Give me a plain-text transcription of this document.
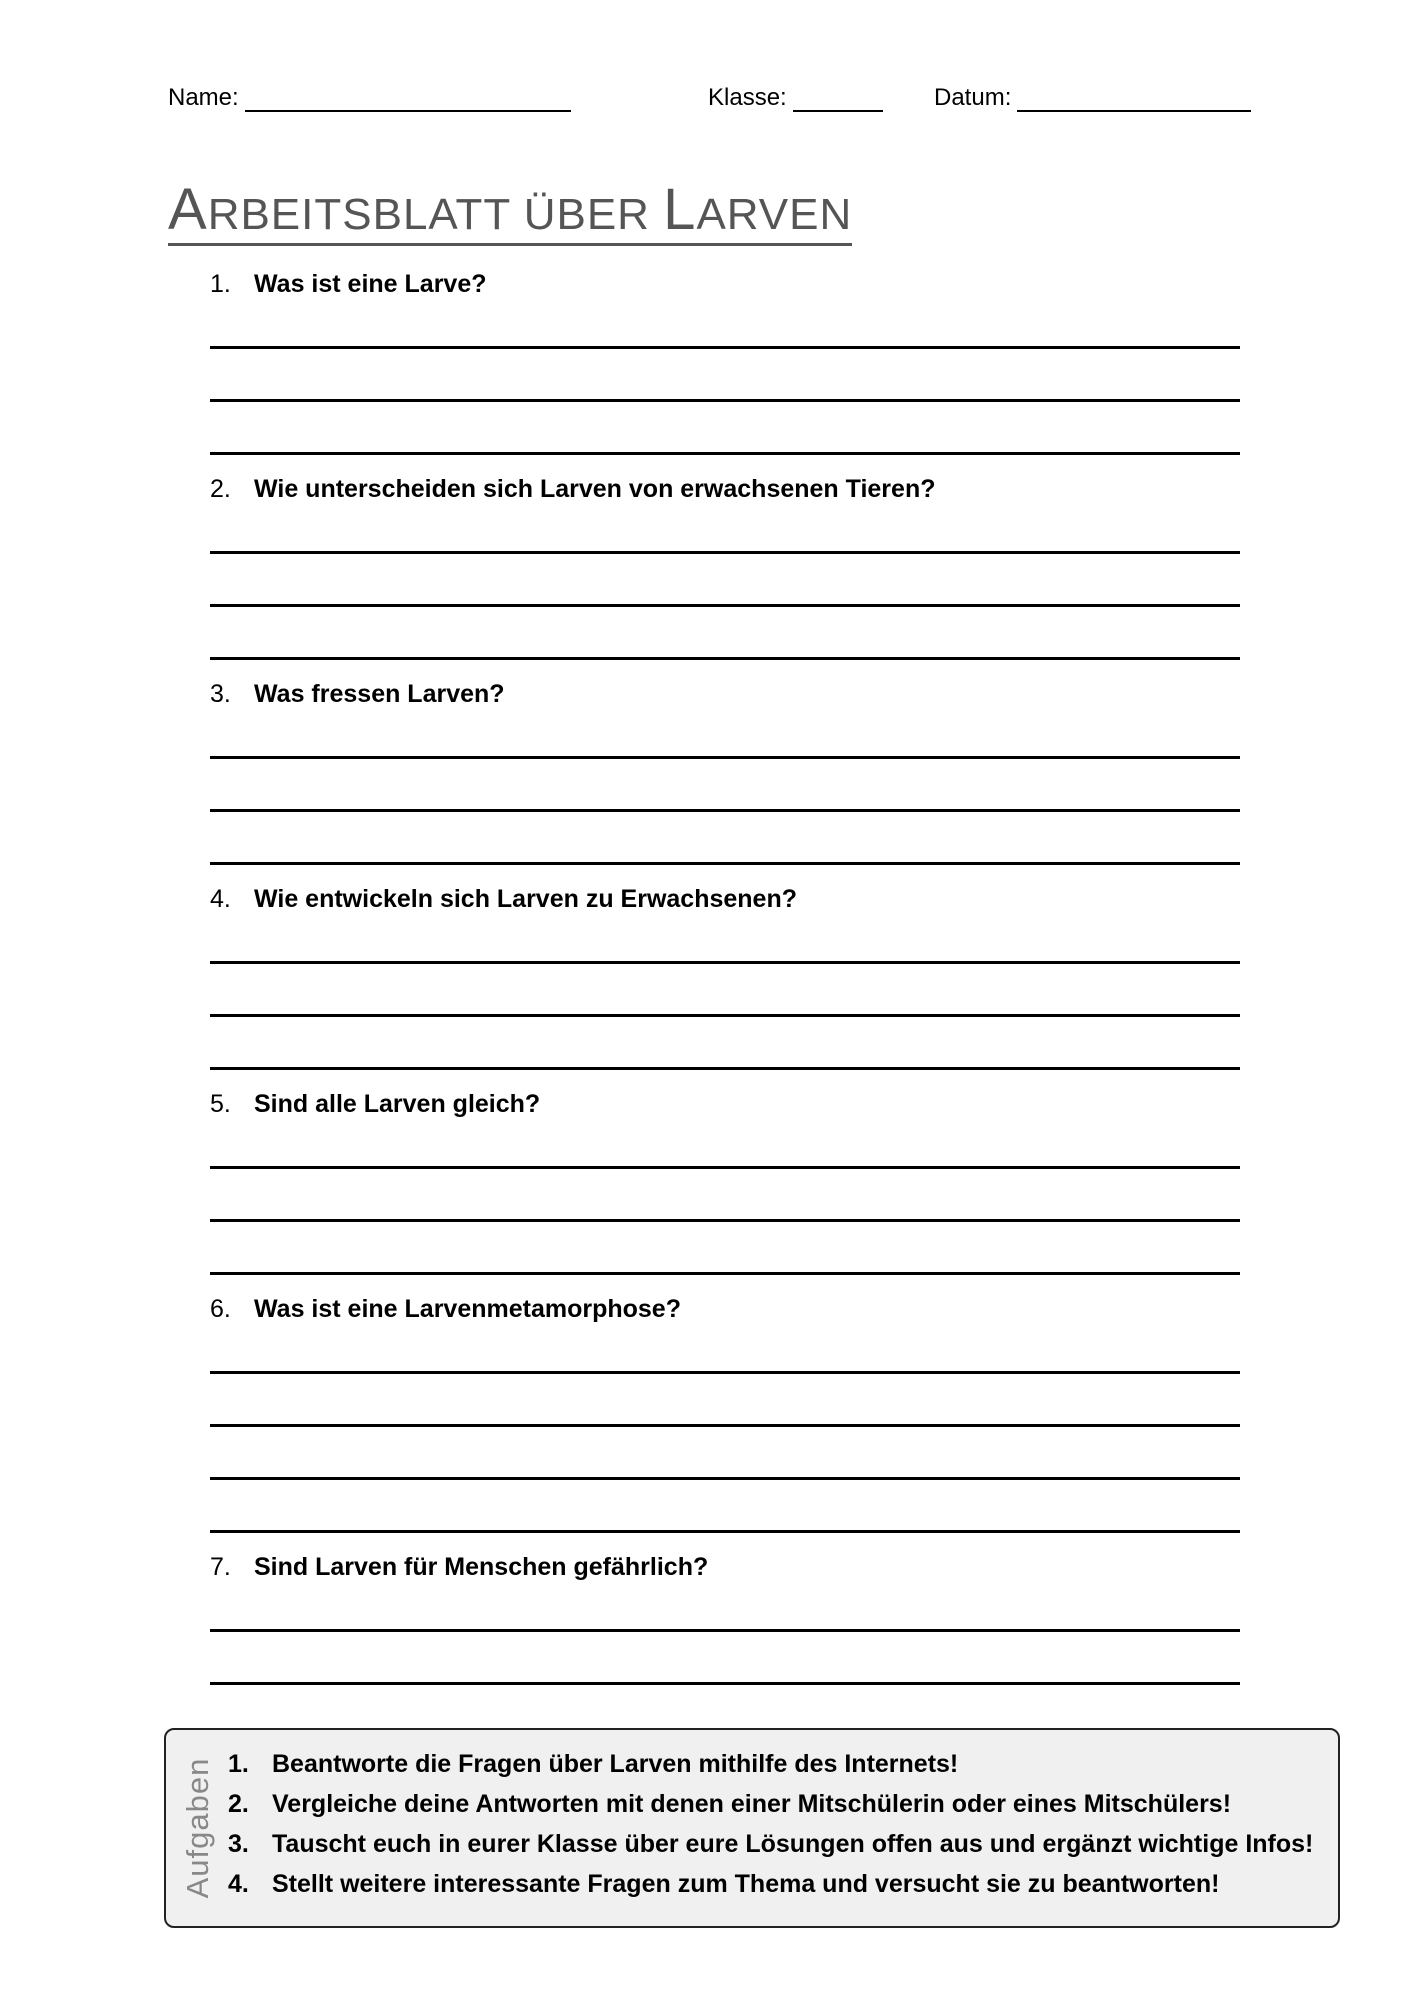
Name:	Klasse:	Datum:
ARBEITSBLATT ÜBER LARVEN
1. Was ist eine Larve?
2. Wie unterscheiden sich Larven von erwachsenen Tieren?
3. Was fressen Larven?
4. Wie entwickeln sich Larven zu Erwachsenen?
5. Sind alle Larven gleich?
6. Was ist eine Larvenmetamorphose?
7. Sind Larven für Menschen gefährlich?
Aufgaben 1. Beantworte die Fragen über Larven mithilfe des Internets!
2. Vergleiche deine Antworten mit denen einer Mitschülerin oder eines Mitschülers!
3. Tauscht euch in eurer Klasse über eure Lösungen offen aus und ergänzt wichtige Infos!
4. Stellt weitere interessante Fragen zum Thema und versucht sie zu beantworten!
